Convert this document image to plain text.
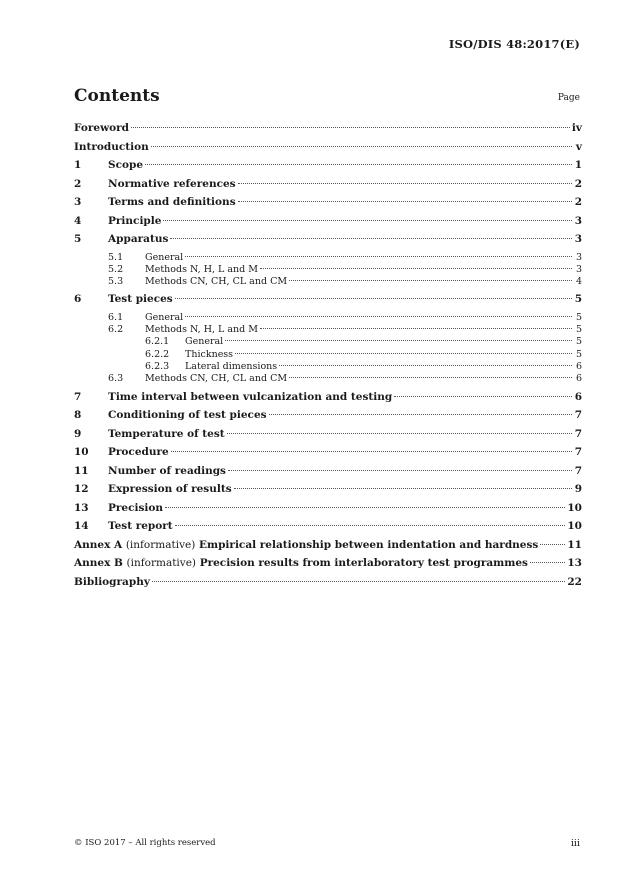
ISO/DIS 48:2017(E)
Contents	Page
Foreword	iv
Introduction	v
1	Scope	1
2	Normative references	2
3	Terms and definitions	2
4	Principle	3
5	Apparatus	3
5.1	General	3
5.2	Methods N, H, L and M	3
5.3	Methods CN, CH, CL and CM	4
6	Test pieces	5
6.1	General	5
6.2	Methods N, H, L and M	5
6.2.1	General	5
6.2.2	Thickness	5
6.2.3	Lateral dimensions	6
6.3	Methods CN, CH, CL and CM	6
7	Time interval between vulcanization and testing	6
8	Conditioning of test pieces	7
9	Temperature of test	7
10	Procedure	7
11	Number of readings	7
12	Expression of results	9
13	Precision	10
14	Test report	10
Annex A (informative) Empirical relationship between indentation and hardness	11
Annex B (informative) Precision results from interlaboratory test programmes	13
Bibliography	22
© ISO 2017 – All rights reserved	iii
